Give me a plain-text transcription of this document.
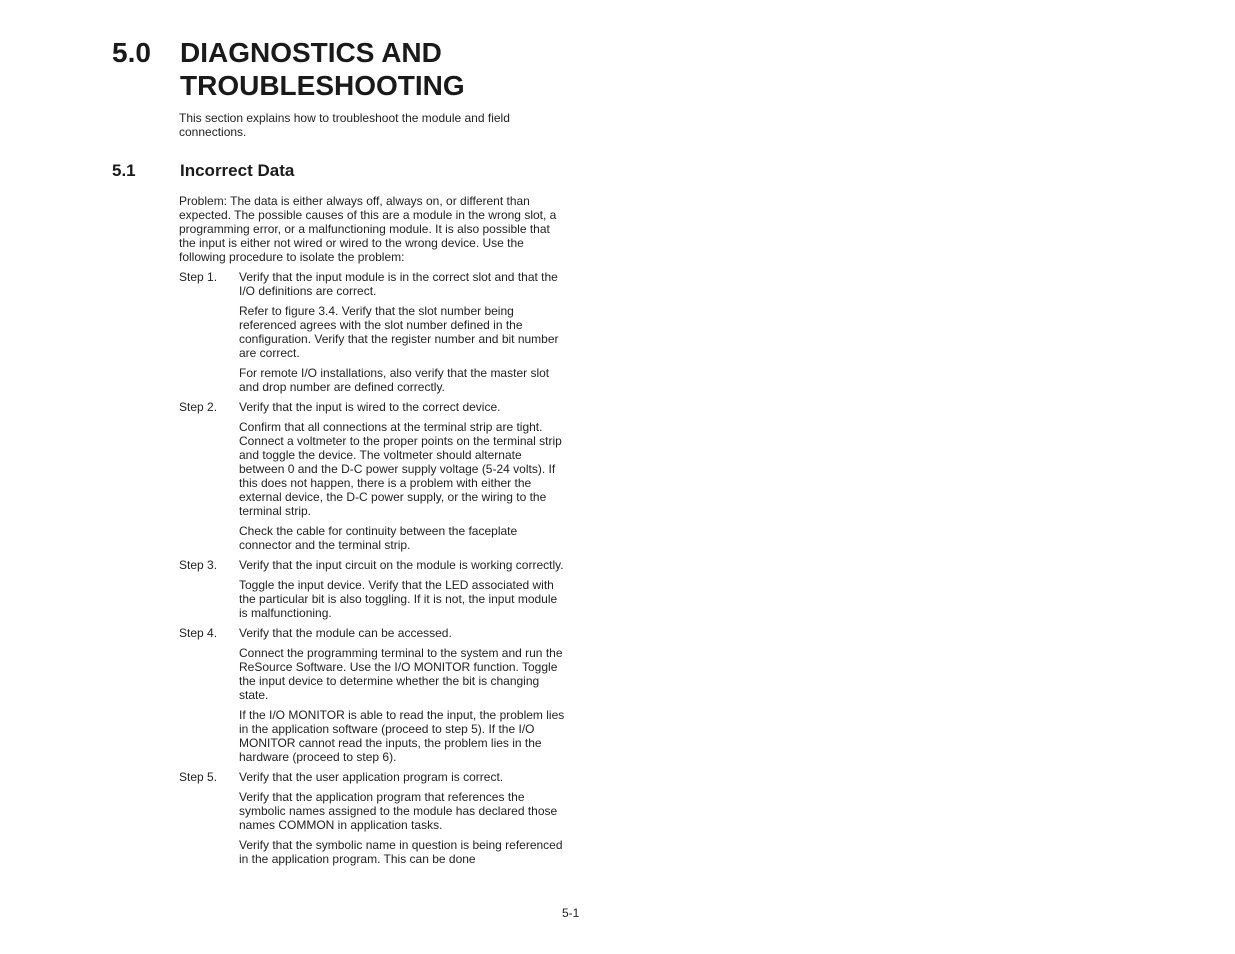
5.0 DIAGNOSTICS AND TROUBLESHOOTING

This section explains how to troubleshoot the module and field connections.

5.1	Incorrect Data

Problem: The data is either always off, always on, or different than expected. The possible causes of this are a module in the wrong slot, a programming error, or a malfunctioning module. It is also possible that the input is either not wired or wired to the wrong device. Use the following procedure to isolate the problem:

Step 1. Verify that the input module is in the correct slot and that the I/O definitions are correct.

Refer to figure 3.4. Verify that the slot number being referenced agrees with the slot number defined in the configuration. Verify that the register number and bit number are correct.

For remote I/O installations, also verify that the master slot and drop number are defined correctly.

Step 2. Verify that the input is wired to the correct device.

Confirm that all connections at the terminal strip are tight. Connect a voltmeter to the proper points on the terminal strip and toggle the device. The voltmeter should alternate between 0 and the D-C power supply voltage (5-24 volts). If this does not happen, there is a problem with either the external device, the D-C power supply, or the wiring to the terminal strip.

Check the cable for continuity between the faceplate connector and the terminal strip.

Step 3. Verify that the input circuit on the module is working correctly.

Toggle the input device. Verify that the LED associated with the particular bit is also toggling. If it is not, the input module is malfunctioning.

Step 4. Verify that the module can be accessed.

Connect the programming terminal to the system and run the ReSource Software. Use the I/O MONITOR function. Toggle the input device to determine whether the bit is changing state.

If the I/O MONITOR is able to read the input, the problem lies in the application software (proceed to step 5). If the I/O MONITOR cannot read the inputs, the problem lies in the hardware (proceed to step 6).

Step 5. Verify that the user application program is correct.

Verify that the application program that references the symbolic names assigned to the module has declared those names COMMON in application tasks.

Verify that the symbolic name in question is being referenced in the application program. This can be done

5-1
